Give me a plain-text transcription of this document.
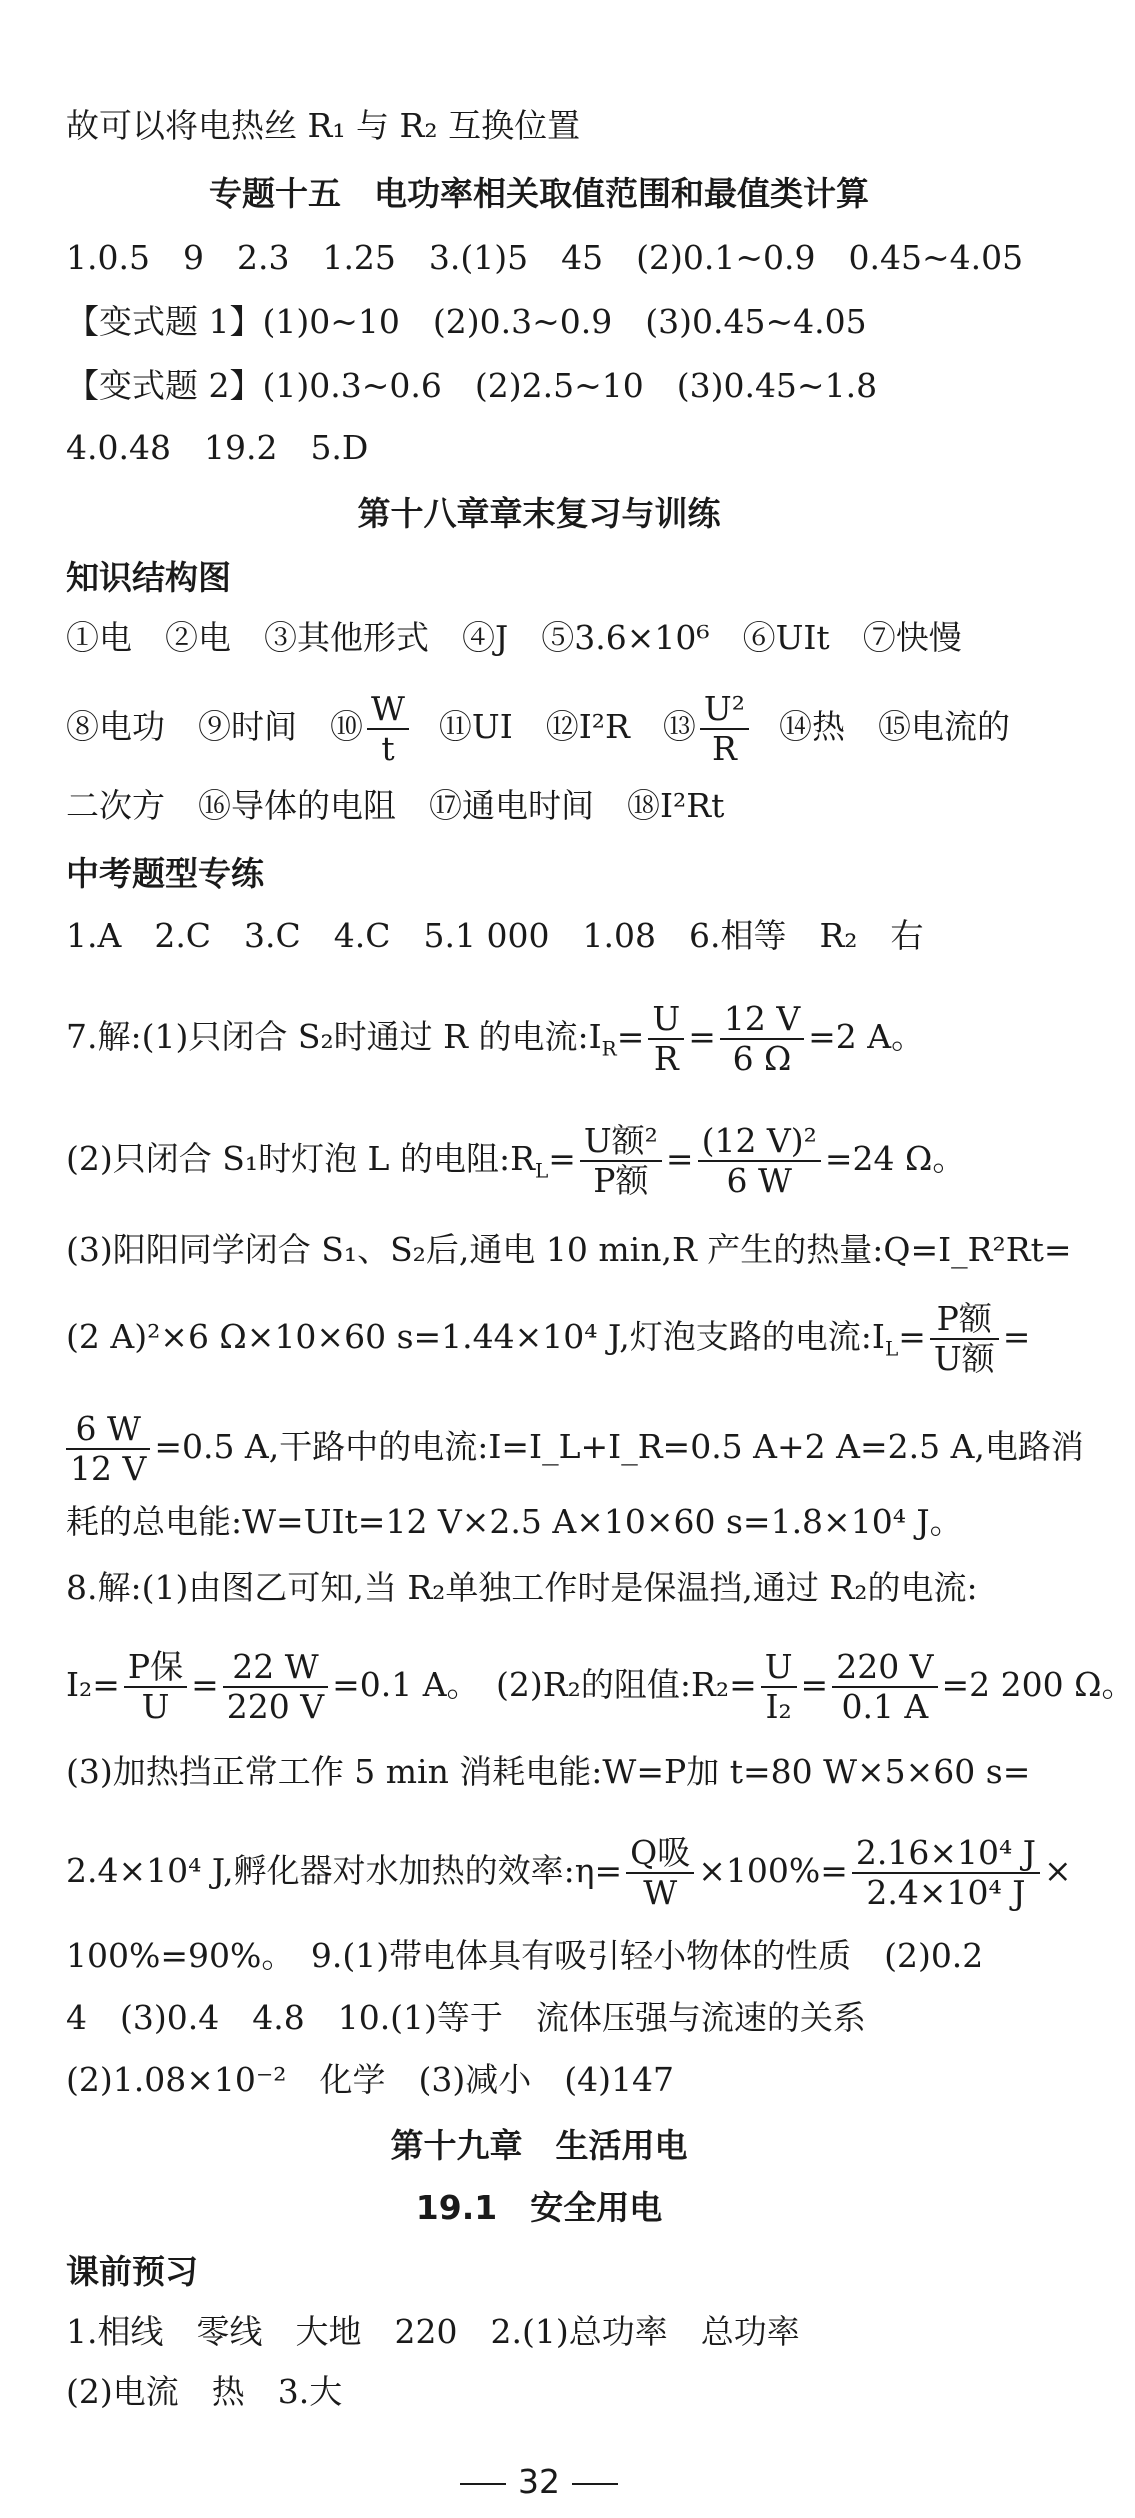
故可以将电热丝 R₁ 与 R₂ 互换位置
专题十五　电功率相关取值范围和最值类计算
1.0.5　9　2.3　1.25　3.(1)5　45　(2)0.1~0.9　0.45~4.05
【变式题 1】(1)0~10　(2)0.3~0.9　(3)0.45~4.05
【变式题 2】(1)0.3~0.6　(2)2.5~10　(3)0.45~1.8
4.0.48　19.2　5.D
第十八章章末复习与训练
知识结构图
①电　②电　③其他形式　④J　⑤3.6×10⁶　⑥UIt　⑦快慢
⑧电功　⑨时间　⑩ $\frac{W}{t}$ ⑪UI　⑫I²R　⑬ $\frac{\text{U²}}{R}$ ⑭热　⑮电流的
二次方　⑯导体的电阻　⑰通电时间　⑱I²Rt
中考题型专练
1.A　2.C　3.C　4.C　5.1 000　1.08　6.相等　R₂　右
7.解:(1)只闭合 S₂时通过 R 的电流$:I_R= \frac{U}{R} = \frac{12 V}{6 \Omega} =2$ A。
(2)只闭合 S₁时灯泡 L 的电阻$:R_L= \frac{\text{U额²}}{\text{P额}} = \frac{\text{(12 V)²}}{6 W} =24$ Ω。
(3)阳阳同学闭合 S₁、S₂后,通电 10 min,R 产生的热量:Q=I_R²Rt=
(2 A)²×6 Ω×10×60 s=1.44×10⁴ J,灯泡支路的电流$:I_L= \frac{\text{P额}}{\text{U额}}$ =
$\frac{6 W}{12 V} =0.5$ A,干路中的电流:I=I_L+I_R=0.5 A+2 A=2.5 A,电路消
耗的总电能:W=UIt=12 V×2.5 A×10×60 s=1.8×10⁴ J。
8.解:(1)由图乙可知,当 R₂单独工作时是保温挡,通过 R₂的电流:
$I_2= \frac{\text{P保}}{U} = \frac{22 W}{220 V} =0.1$ A。　(2)R₂的阻值:R₂= $\frac{U}{\text{I₂}} = \frac{220 V}{0.1 A} =2$ 200 Ω。
(3)加热挡正常工作 5 min 消耗电能:W=P加 t=80 W×5×60 s=
2.4×10⁴ J,孵化器对水加热的效率:η= $\frac{\text{Q吸}}{W} \times 100\%= \frac{\text{2.16×10⁴ J}}{\text{2.4×10⁴ J}}$ ×
100%=90%。　9.(1)带电体具有吸引轻小物体的性质　(2)0.2
4　(3)0.4　4.8　10.(1)等于　流体压强与流速的关系
(2)1.08×10⁻²　化学　(3)减小　(4)147
第十九章　生活用电
19.1　安全用电
课前预习
1.相线　零线　大地　220　2.(1)总功率　总功率
(2)电流　热　3.大
32
